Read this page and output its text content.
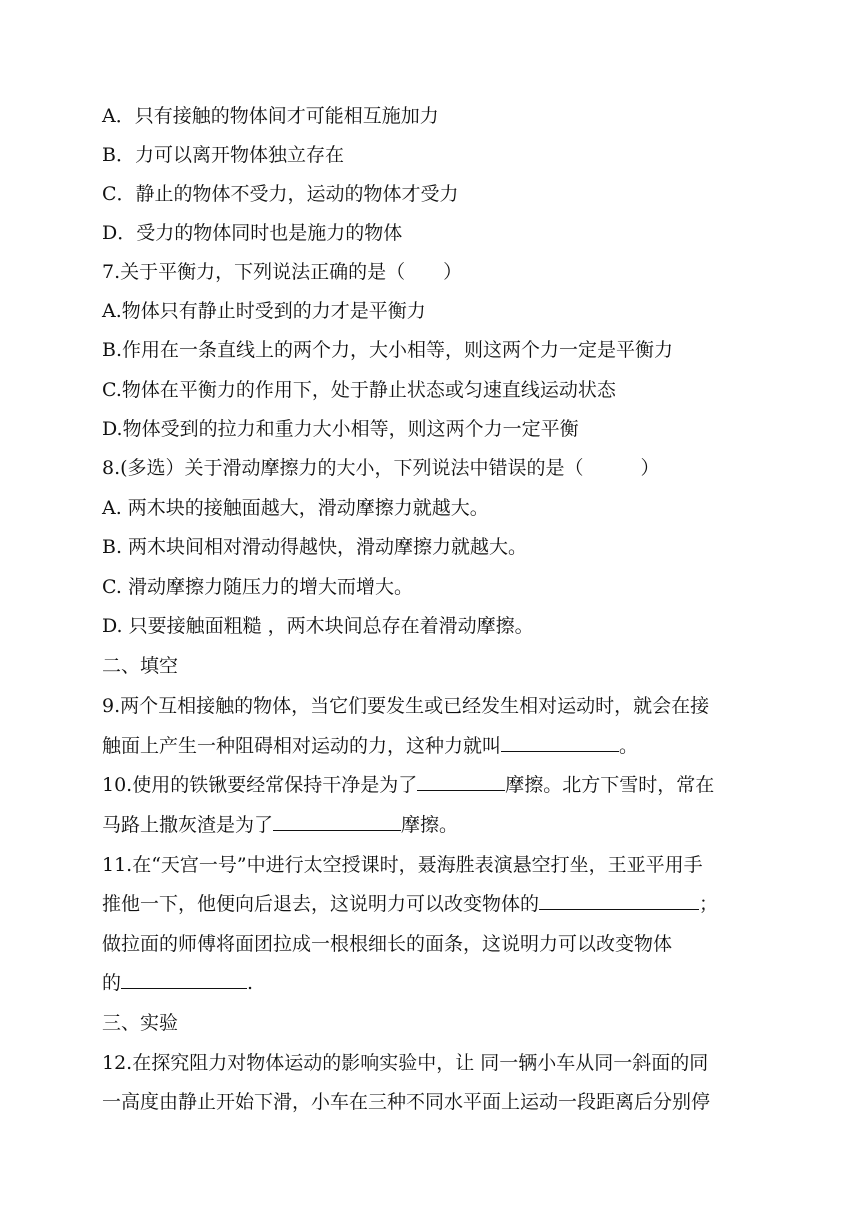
A．只有接触的物体间才可能相互施加力
B．力可以离开物体独立存在
C．静止的物体不受力，运动的物体才受力
D．受力的物体同时也是施力的物体
7.关于平衡力，下列说法正确的是（　　）
A.物体只有静止时受到的力才是平衡力
B.作用在一条直线上的两个力，大小相等，则这两个力一定是平衡力
C.物体在平衡力的作用下，处于静止状态或匀速直线运动状态
D.物体受到的拉力和重力大小相等，则这两个力一定平衡
8.(多选）关于滑动摩擦力的大小，下列说法中错误的是（　　　）
A. 两木块的接触面越大，滑动摩擦力就越大。
B. 两木块间相对滑动得越快，滑动摩擦力就越大。
C. 滑动摩擦力随压力的增大而增大。
D. 只要接触面粗糙 ，两木块间总存在着滑动摩擦。
二、填空
9.两个互相接触的物体，当它们要发生或已经发生相对运动时，就会在接
触面上产生一种阻碍相对运动的力，这种力就叫	。
10.使用的铁锹要经常保持干净是为了	摩擦。北方下雪时，常在
马路上撒灰渣是为了	摩擦。
11.在“天宫一号”中进行太空授课时，聂海胜表演悬空打坐，王亚平用手
推他一下，他便向后退去，这说明力可以改变物体的	；
做拉面的师傅将面团拉成一根根细长的面条，这说明力可以改变物体
的	.
三、实验
12.在探究阻力对物体运动的影响实验中，让 同一辆小车从同一斜面的同
一高度由静止开始下滑，小车在三种不同水平面上运动一段距离后分别停
